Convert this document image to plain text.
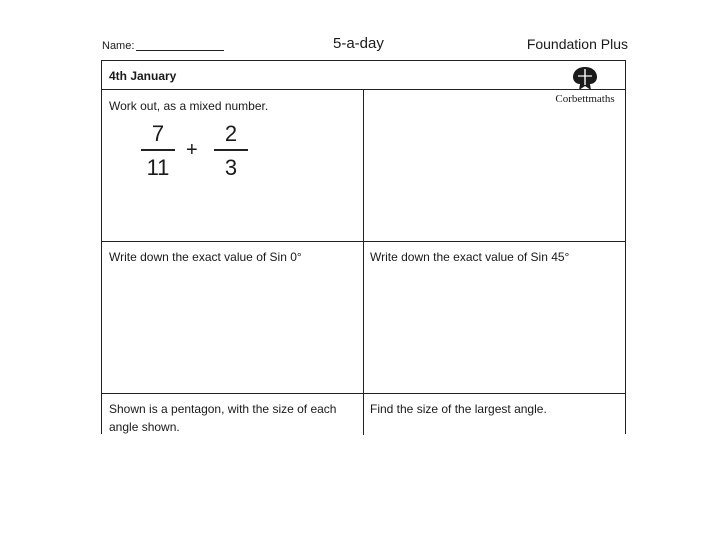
Name:	5-a-day	Foundation Plus
Corbettmaths
4th January
Work out, as a mixed number.
7
11
+
2
3
Write down the exact value of Sin 0°	Write down the exact value of Sin 45°
Shown is a pentagon, with the size of each angle shown.
Find the size of the largest angle.
